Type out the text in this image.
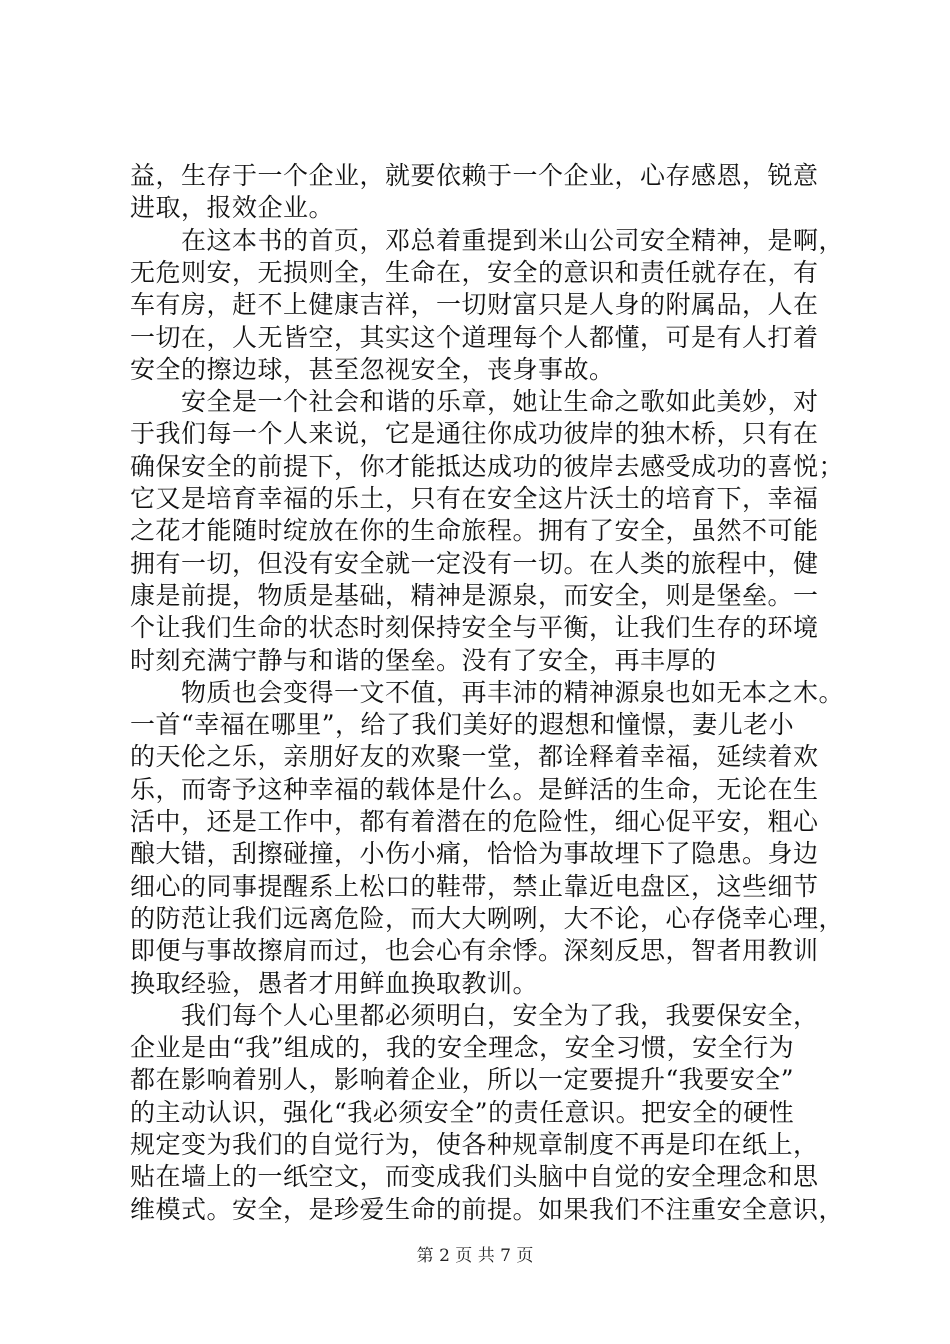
益，生存于一个企业，就要依赖于一个企业，心存感恩，锐意
进取，报效企业。
　　在这本书的首页，邓总着重提到米山公司安全精神，是啊，
无危则安，无损则全，生命在，安全的意识和责任就存在，有
车有房，赶不上健康吉祥，一切财富只是人身的附属品，人在
一切在，人无皆空，其实这个道理每个人都懂，可是有人打着
安全的擦边球，甚至忽视安全，丧身事故。
　　安全是一个社会和谐的乐章，她让生命之歌如此美妙，对
于我们每一个人来说，它是通往你成功彼岸的独木桥，只有在
确保安全的前提下，你才能抵达成功的彼岸去感受成功的喜悦；
它又是培育幸福的乐土，只有在安全这片沃土的培育下，幸福
之花才能随时绽放在你的生命旅程。拥有了安全，虽然不可能
拥有一切，但没有安全就一定没有一切。在人类的旅程中，健
康是前提，物质是基础，精神是源泉，而安全，则是堡垒。一
个让我们生命的状态时刻保持安全与平衡，让我们生存的环境
时刻充满宁静与和谐的堡垒。没有了安全，再丰厚的
　　物质也会变得一文不值，再丰沛的精神源泉也如无本之木。
一首“幸福在哪里”，给了我们美好的遐想和憧憬，妻儿老小
的天伦之乐，亲朋好友的欢聚一堂，都诠释着幸福，延续着欢
乐，而寄予这种幸福的载体是什么。是鲜活的生命，无论在生
活中，还是工作中，都有着潜在的危险性，细心促平安，粗心
酿大错，刮擦碰撞，小伤小痛，恰恰为事故埋下了隐患。身边
细心的同事提醒系上松口的鞋带，禁止靠近电盘区，这些细节
的防范让我们远离危险，而大大咧咧，大不论，心存侥幸心理，
即便与事故擦肩而过，也会心有余悸。深刻反思，智者用教训
换取经验，愚者才用鲜血换取教训。
　　我们每个人心里都必须明白，安全为了我，我要保安全，
企业是由“我”组成的，我的安全理念，安全习惯，安全行为
都在影响着别人，影响着企业，所以一定要提升“我要安全”
的主动认识，强化“我必须安全”的责任意识。把安全的硬性
规定变为我们的自觉行为，使各种规章制度不再是印在纸上，
贴在墙上的一纸空文，而变成我们头脑中自觉的安全理念和思
维模式。安全，是珍爱生命的前提。如果我们不注重安全意识，
第 2 页 共 7 页
